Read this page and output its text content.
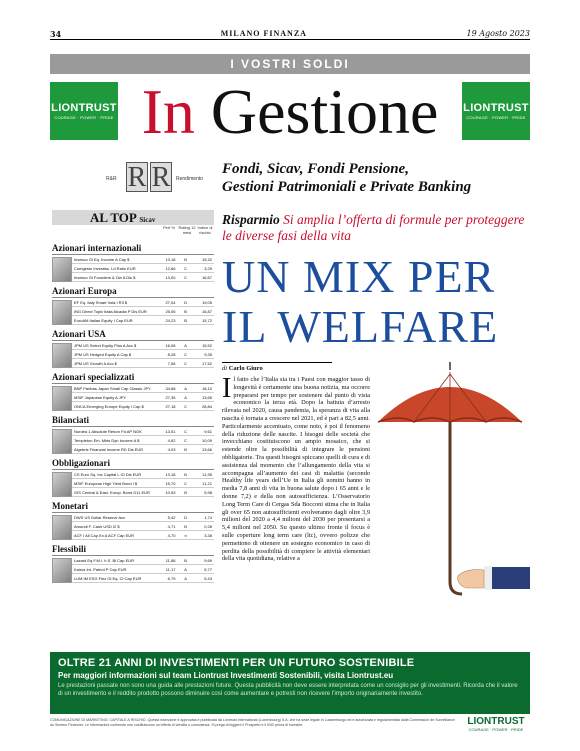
34	MILANO FINANZA	19 Agosto 2023
I VOSTRI SOLDI
LIONTRUST
COURAGE · POWER · PRIDE In Gestione	LIONTRUST
COURAGE · POWER · PRIDE
R&R R R	Rendimento
Fondi, Sicav, Fondi Pensione,
Gestioni Patrimoniali e Private Banking
AL TOP Sicav
Perf % Rating 12 mesi
Indice di rischio
Azionari internazionali
Invesco Gl Eq. Income A Cap $	13,18	B	15,32
Comgesto Investiss. Ld Ratio EUR	12,66	C	3,29
Invesco Gl Founders & Ow A Dis $	13,00	C	16,67
Azionari Europa
EF Eq. Italy Smart Vola I R3 $	27,04	D	19,05
ING Direct Topix Italia Alcadia P Dis EUR	25,06	B	16,87
EuroAM Italian Equity I Cap EUR	24,23	B	15,72
Azionari USA
JPM US Select Equity Plus A Acc $	16,08	A	15,52
JPM US Hedged Equity A Cap $	8,28	C	9,35
JPM US Growth A Acc $	7,56	C	17,52
Azionari specializzati
BNP Paribas Japan Small Cap Classic JPY	34,68	A	18,10
MSIF Japanese Equity A JPY	27,35	A	13,65
ONCA Emerging Europe Equity I Cap $	27,18	C	28,84
Bilanciati
Nordea 1 Absolute Return Fd AP NOK	13,51	C	9,61
Templeton Em. Mkts Dyn Income A $	4,62	C	10,09
Algebris Financial Income RD Dis EUR	4,03	B	13,66
Obbligazionari
CS Euro Sq. Inc Capital L IO Dis EUR	13,18	B	11,95
MSIF European High Yield Bond I $	15,70	C	11,21
GIS Central & East. Europ. Bond D11 EUR	10,53	B	5,98
Monetari
DWS US Dollar Reserve Acc	5,42	D	1,74
Amundi F. Cash USD I2 $	4,71	B	0,28
ACF I All Cap Ex A ACF Cap EUR	4,70	n	3,38
Flessibili
Lazard Eq F.M.I. h.S. Bl Cap EUR	11,88	B	9,69
Kairos Int. Patriot P Cap EUR	11,17	A	5,77
LUM IM ESG Flex Gl Eq. Cl Cap EUR	6,79	A	5,43
Risparmio Si amplia l’offerta di formule per proteggere le diverse fasi della vita
UN MIX PER
IL WELFARE
di Carlo Giuro
Il fatto che l’Italia sia tra i Paesi con maggior tasso di longevità è certamente una buona notizia, ma occorre prepararsi per tempo per sostenere dal punto di vista economico la terza età. Dopo la battuta d’arresto rilevata nel 2020, causa pandemia, la speranza di vita alla nascita è tornata a crescere nel 2021, ed è pari a 82,5 anni. Particolarmente accentuato, come noto, è poi il fenomeno della riduzione delle nascite. I bisogni delle società che invecchiano costituiscono un ampio mosaico, che si estende oltre la possibilità di integrare le pensioni obbligatorie. Tra questi bisogni spiccano quelli di cura e di assistenza dal momento che l’allungamento della vita si accompagna all’aumento dei casi di malattia (secondo Healthy life years dell’Ue in Italia gli uomini hanno in media 7,8 anni di vita in buona salute dopo i 65 anni e le donne 7,2) e della non autosufficienza. L’Osservatorio Long Term Care di Cergas Sda Bocconi stima che in Italia gli over 65 non autosufficienti evolveranno dagli oltre 3,9 milioni del 2020 a 4,4 milioni del 2030 per presentarsi a 5,4 milioni nel 2050. Su questo ultimo fronte il focus è sulle coperture long term care (ltc), ovvero polizze che permettono di ottenere un sostegno economico in caso di perdita della possibilità di compiere le attività elementari della vita quotidiana, relative a
OLTRE 21 ANNI DI INVESTIMENTI PER UN FUTURO SOSTENIBILE
Per maggiori informazioni sul team Liontrust Investimenti Sostenibili, visita Liontrust.eu
Le prestazioni passate non sono una guida alle prestazioni future. Questa pubblicità non deve essere interpretata come un consiglio per gli investimenti. Ricorda che il valore di un investimento e il reddito prodotto possono diminuire così come aumentare e potresti non ricevere l’importo originariamente investito.
COMUNICAZIONE DI MARKETING: CAPITALE A RISCHIO. Questa inserzione è approvata e pubblicata da Liontrust International (Luxembourg) S.A. che ha sede legale in Lussemburgo ed è autorizzata e regolamentata dalla Commission de Surveillance du Secteur Financier. Le informazioni contenute non costituiscono un’offerta di vendita o consulenza. Si prega di leggere il Prospetto e il KIID prima di investire.	LIONTRUST
COURAGE · POWER · PRIDE
